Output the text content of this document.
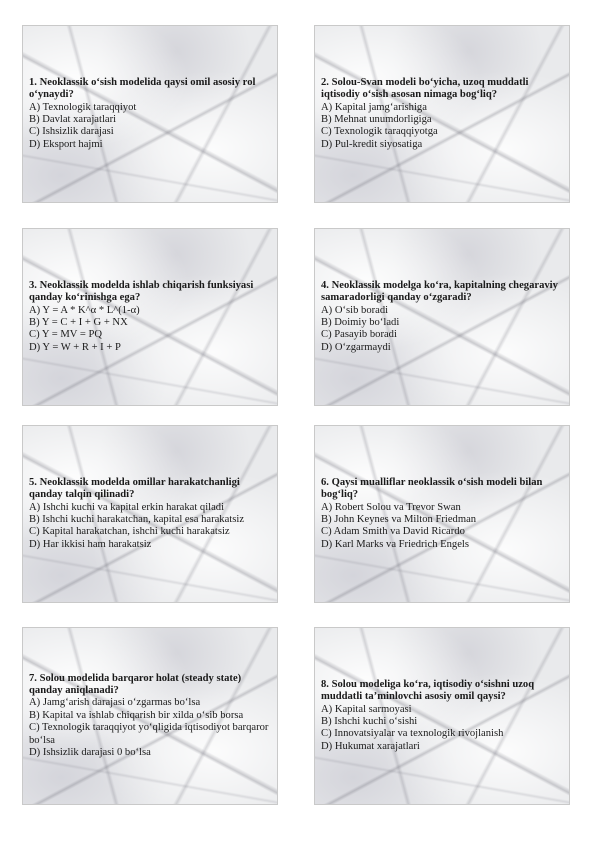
1. Neoklassik o‘sish modelida qaysi omil asosiy rol o‘ynaydi?
A) Texnologik taraqqiyot
B) Davlat xarajatlari
C) Ishsizlik darajasi
D) Eksport hajmi
2. Solou-Svan modeli bo‘yicha, uzoq muddatli iqtisodiy o‘sish asosan nimaga bog‘liq?
A) Kapital jamg‘arishiga
B) Mehnat unumdorligiga
C) Texnologik taraqqiyotga
D) Pul-kredit siyosatiga
3. Neoklassik modelda ishlab chiqarish funksiyasi qanday ko‘rinishga ega?
A) Y = A * K^α * L^(1-α)
B) Y = C + I + G + NX
C) Y = MV = PQ
D) Y = W + R + I + P
4. Neoklassik modelga ko‘ra, kapitalning chegaraviy samaradorligi qanday o‘zgaradi?
A) O‘sib boradi
B) Doimiy bo‘ladi
C) Pasayib boradi
D) O‘zgarmaydi
5. Neoklassik modelda omillar harakatchanligi qanday talqin qilinadi?
A) Ishchi kuchi va kapital erkin harakat qiladi
B) Ishchi kuchi harakatchan, kapital esa harakatsiz
C) Kapital harakatchan, ishchi kuchi harakatsiz
D) Har ikkisi ham harakatsiz
6. Qaysi mualliflar neoklassik o‘sish modeli bilan bog‘liq?
A) Robert Solou va Trevor Swan
B) John Keynes va Milton Friedman
C) Adam Smith va David Ricardo
D) Karl Marks va Friedrich Engels
7. Solou modelida barqaror holat (steady state) qanday aniqlanadi?
A) Jamg‘arish darajasi o‘zgarmas bo‘lsa
B) Kapital va ishlab chiqarish bir xilda o‘sib borsa
C) Texnologik taraqqiyot yo‘qligida iqtisodiyot barqaror bo‘lsa
D) Ishsizlik darajasi 0 bo‘lsa
8. Solou modeliga ko‘ra, iqtisodiy o‘sishni uzoq muddatli ta’minlovchi asosiy omil qaysi?
A) Kapital sarmoyasi
B) Ishchi kuchi o‘sishi
C) Innovatsiyalar va texnologik rivojlanish
D) Hukumat xarajatlari
